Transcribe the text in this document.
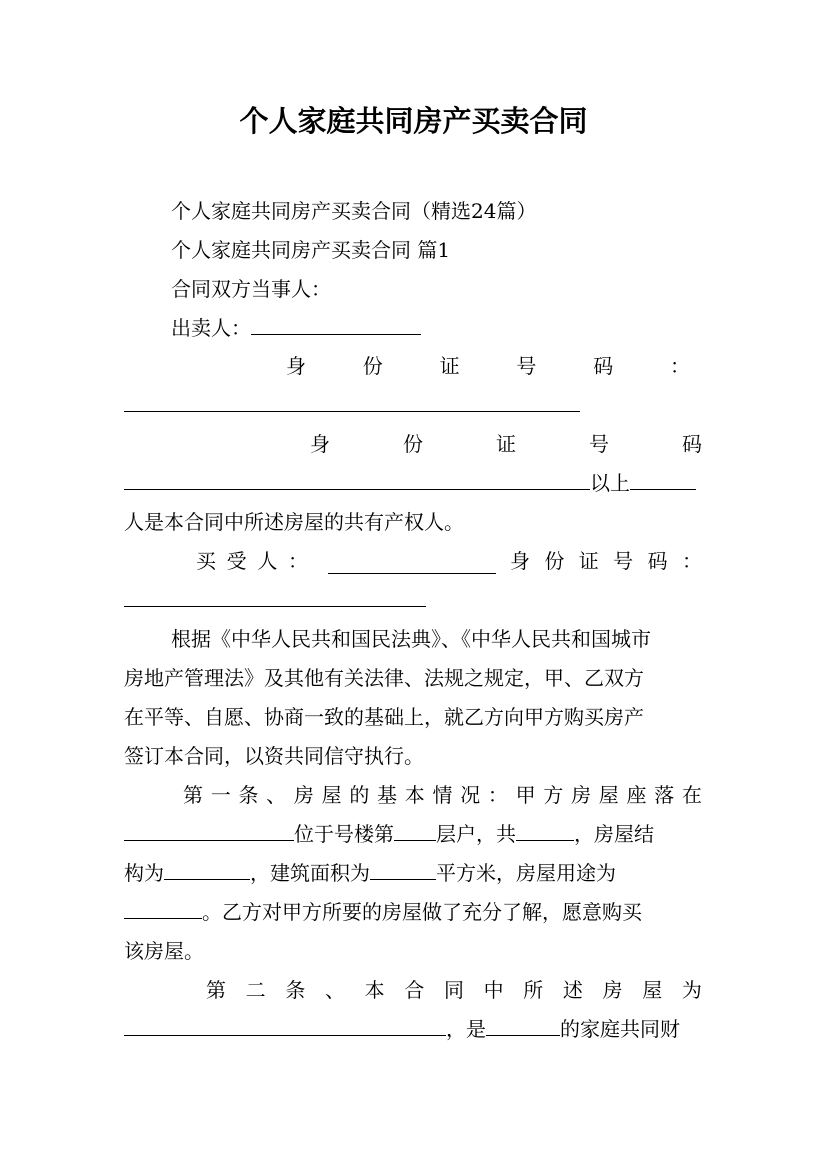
个人家庭共同房产买卖合同
个人家庭共同房产买卖合同（精选24篇）
个人家庭共同房产买卖合同 篇1
合同双方当事人：
出卖人：
身	份	证	号	码	：
身	份	证	号	码
以上
人是本合同中所述房屋的共有产权人。
买 受 人 ：	身 份 证 号 码 ：
根据《中华人民共和国民法典》、《中华人民共和国城市
房地产管理法》及其他有关法律、法规之规定，甲、乙双方
在平等、自愿、协商一致的基础上，就乙方向甲方购买房产
签订本合同，以资共同信守执行。
第 一 条 、 房 屋 的 基 本 情 况 ： 甲 方 房 屋 座 落 在
位于号楼第 层户，共	，房屋结
构为	，建筑面积为	平方米，房屋用途为
。乙方对甲方所要的房屋做了充分了解，愿意购买
该房屋。
第 二 条 、 本 合 同 中 所 述 房 屋 为
，是	的家庭共同财
